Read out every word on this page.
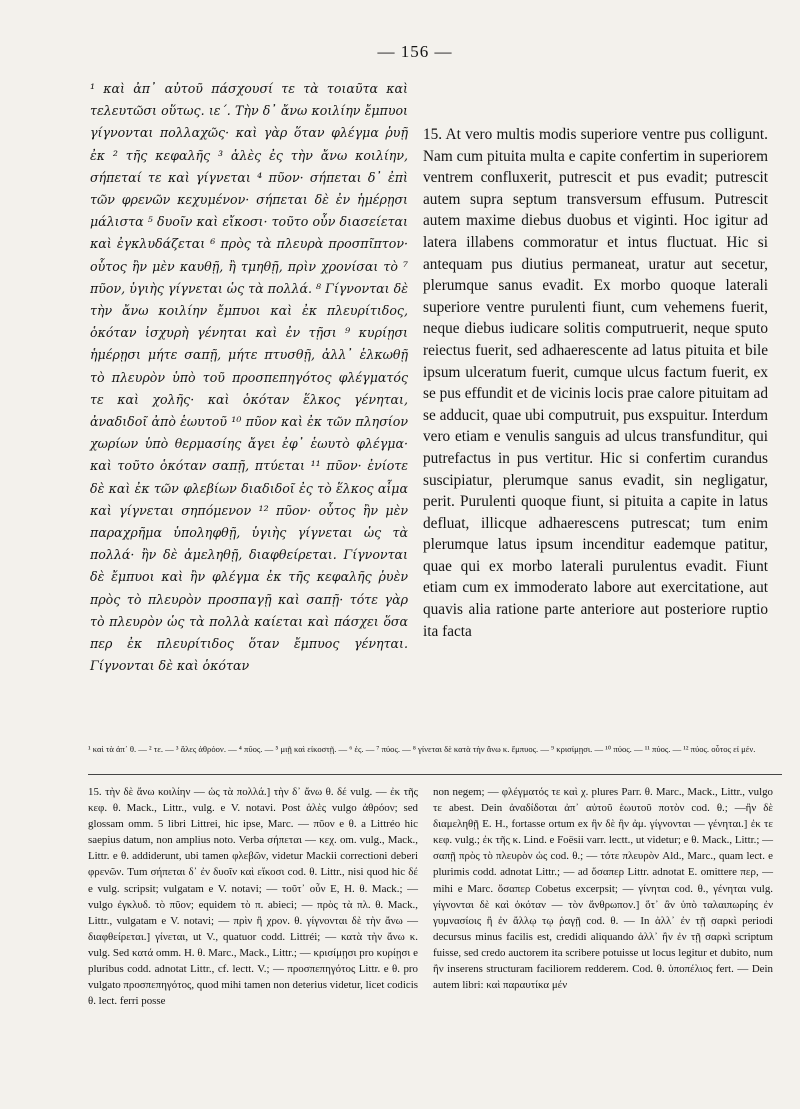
— 156 —

¹ καὶ ἀπ᾽ αὐτοῦ πάσχουσί τε τὰ τοιαῦτα καὶ τελευτῶσι οὕτως. ιε΄. Τὴν δ᾽ ἄνω κοιλίην ἔμπυοι γίγνονται πολλαχῶς· καὶ γὰρ ὅταν φλέγμα ῥυῇ ἐκ ² τῆς κεφαλῆς ³ ἁλὲς ἐς τὴν ἄνω κοιλίην, σήπεταί τε καὶ γίγνεται ⁴ πῦον· σήπεται δ᾽ ἐπὶ τῶν φρενῶν κεχυμένον· σήπεται δὲ ἐν ἡμέρῃσι μάλιστα ⁵ δυοῖν καὶ εἴκοσι· τοῦτο οὖν διασείεται καὶ ἐγκλυδάζεται ⁶ πρὸς τὰ πλευρὰ προσπῖπτον· οὗτος ἢν μὲν καυθῇ, ἢ τμηθῇ, πρὶν χρονίσαι τὸ ⁷ πῦον, ὑγιὴς γίγνεται ὡς τὰ πολλά. ⁸ Γίγνονται δὲ τὴν ἄνω κοιλίην ἔμπυοι καὶ ἐκ πλευρίτιδος, ὁκόταν ἰσχυρὴ γένηται καὶ ἐν τῇσι ⁹ κυρίῃσι ἡμέρῃσι μήτε σαπῇ, μήτε πτυσθῇ, ἀλλ᾽ ἑλκωθῇ τὸ πλευρὸν ὑπὸ τοῦ προσπεπηγότος φλέγματός τε καὶ χολῆς· καὶ ὁκόταν ἕλκος γένηται, ἀναδιδοῖ ἀπὸ ἑωυτοῦ ¹⁰ πῦον καὶ ἐκ τῶν πλησίον χωρίων ὑπὸ θερμασίης ἄγει ἐφ᾽ ἑωυτὸ φλέγμα· καὶ τοῦτο ὁκόταν σαπῇ, πτύεται ¹¹ πῦον· ἐνίοτε δὲ καὶ ἐκ τῶν φλεβίων διαδιδοῖ ἐς τὸ ἕλκος αἷμα καὶ γίγνεται σηπόμενον ¹² πῦον· οὗτος ἢν μὲν παραχρῆμα ὑποληφθῇ, ὑγιὴς γίγνεται ὡς τὰ πολλά· ἢν δὲ ἀμεληθῇ, διαφθείρεται. Γίγνονται δὲ ἔμπυοι καὶ ἢν φλέγμα ἐκ τῆς κεφαλῆς ῥυὲν πρὸς τὸ πλευρὸν προσπαγῇ καὶ σαπῇ· τότε γὰρ τὸ πλευρὸν ὡς τὰ πολλὰ καίεται καὶ πάσχει ὅσα περ ἐκ πλευρίτιδος ὅταν ἔμπυος γένηται. Γίγνονται δὲ καὶ ὁκόταν

15. At vero multis modis superiore ventre pus colligunt. Nam cum pituita multa e capite confertim in superiorem ventrem confluxerit, putrescit et pus evadit; putrescit autem supra septum transversum effusum. Putrescit autem maxime diebus duobus et viginti. Hoc igitur ad latera illabens commoratur et intus fluctuat. Hic si antequam pus diutius permaneat, uratur aut secetur, plerumque sanus evadit. Ex morbo quoque laterali superiore ventre purulenti fiunt, cum vehemens fuerit, neque diebus iudicare solitis computruerit, neque sputo reiectus fuerit, sed adhaerescente ad latus pituita et bile ipsum ulceratum fuerit, cumque ulcus factum fuerit, ex se pus effundit et de vicinis locis prae calore pituitam ad se adducit, quae ubi computruit, pus exspuitur. Interdum vero etiam e venulis sanguis ad ulcus transfunditur, qui putrefactus in pus vertitur. Hic si confertim curandus suscipiatur, plerumque sanus evadit, sin negligatur, perit. Purulenti quoque fiunt, si pituita a capite in latus defluat, illicque adhaerescens putrescat; tum enim plerumque latus ipsum incenditur eademque patitur, quae qui ex morbo laterali purulentus evadit. Fiunt etiam cum ex immoderato labore aut exercitatione, aut quavis alia ratione parte anteriore aut posteriore ruptio ita facta

¹ καὶ τὰ ἀπ᾽ θ. — ² τε. — ³ ἅλες ἀθρόον. — ⁴ πῦος. — ⁵ μιῇ καὶ εἰκοστῇ. — ⁶ ἐς. — ⁷ πύος. — ⁸ γίνεται δὲ κατὰ τὴν ἄνω κ. ἔμπυος. — ⁹ κρισίμῃσι. — ¹⁰ πύος. — ¹¹ πύος. — ¹² πύος. οὗτος εἰ μέν.

15. τὴν δὲ ἄνω κοιλίην — ὡς τὰ πολλά.] τὴν δ᾽ ἄνω θ. δέ vulg. — ἐκ τῆς κεφ. θ. Mack., Littr., vulg. e V. notavi. Post ἁλὲς vulgo ἀθρόον; sed glossam omm. 5 libri Littrei, hic ipse, Marc. — πῦον e θ. a Littréo hic saepius datum, non amplius noto. Verba σήπεται — κεχ. om. vulg., Mack., Littr. e θ. addiderunt, ubi tamen φλεβῶν, videtur Mackii correctioni deberi φρενῶν. Tum σήπεται δ᾽ ἐν δυοῖν καὶ εἴκοσι cod. θ. Littr., nisi quod hic δέ e vulg. scripsit; vulgatam e V. notavi; — τοῦτ᾽ οὖν E, H. θ. Mack.; — vulgo ἐγκλυδ. τὸ πῦον; equidem τὸ π. abieci; — πρὸς τὰ πλ. θ. Mack., Littr., vulgatam e V. notavi; — πρὶν ἢ χρον. θ. γίγνονται δὲ τὴν ἄνω — διαφθείρεται.] γίνεται, ut V., quatuor codd. Littréi; — κατὰ τὴν ἄνω κ. vulg. Sed κατά omm. H. θ. Marc., Mack., Littr.; — κρισίμῃσι pro κυρίῃσι e pluribus codd. adnotat Littr., cf. lectt. V.; — προσπεπηγότος Littr. e θ. pro vulgato προσπεπηγότος, quod mihi tamen non deterius videtur, licet codicis θ. lect. ferri posse

non negem; — φλέγματός τε καὶ χ. plures Parr. θ. Marc., Mack., Littr., vulgo τε abest. Dein ἀναδίδοται ἀπ᾽ αὐτοῦ ἑωυτοῦ ποτὸν cod. θ.; —ἢν δὲ διαμεληθῇ E. H., fortasse ortum ex ἢν δὲ ἢν ἀμ. γίγνονται — γένηται.] ἐκ τε κεφ. vulg.; ἐκ τῆς κ. Lind. e Foësii varr. lectt., ut videtur; e θ. Mack., Littr.; — σαπῇ πρὸς τὸ πλευρὸν ὡς cod. θ.; — τότε πλευρὸν Ald., Marc., quam lect. e plurimis codd. adnotat Littr.; — ad ὅσαπερ Littr. adnotat E. omittere περ, — mihi e Marc. ὅσαπερ Cobetus excerpsit; — γίνηται cod. θ., γένηται vulg. γίγνονται δὲ καὶ ὁκόταν — τὸν ἄνθρωπον.] ὅτ᾽ ἂν ὑπὸ ταλαιπωρίης ἐν γυμνασίοις ἢ ἐν ἄλλῳ τῳ ῥαγῇ cod. θ. — In ἀλλ᾽ ἐν τῇ σαρκὶ periodi decursus minus facilis est, credidi aliquando ἀλλ᾽ ἢν ἐν τῇ σαρκὶ scriptum fuisse, sed credo auctorem ita scribere potuisse ut locus legitur et dubito, num ἢν inserens structuram faciliorem redderem. Cod. θ. ὑποπέλιος fert. — Dein autem libri: καὶ παραυτίκα μέν
